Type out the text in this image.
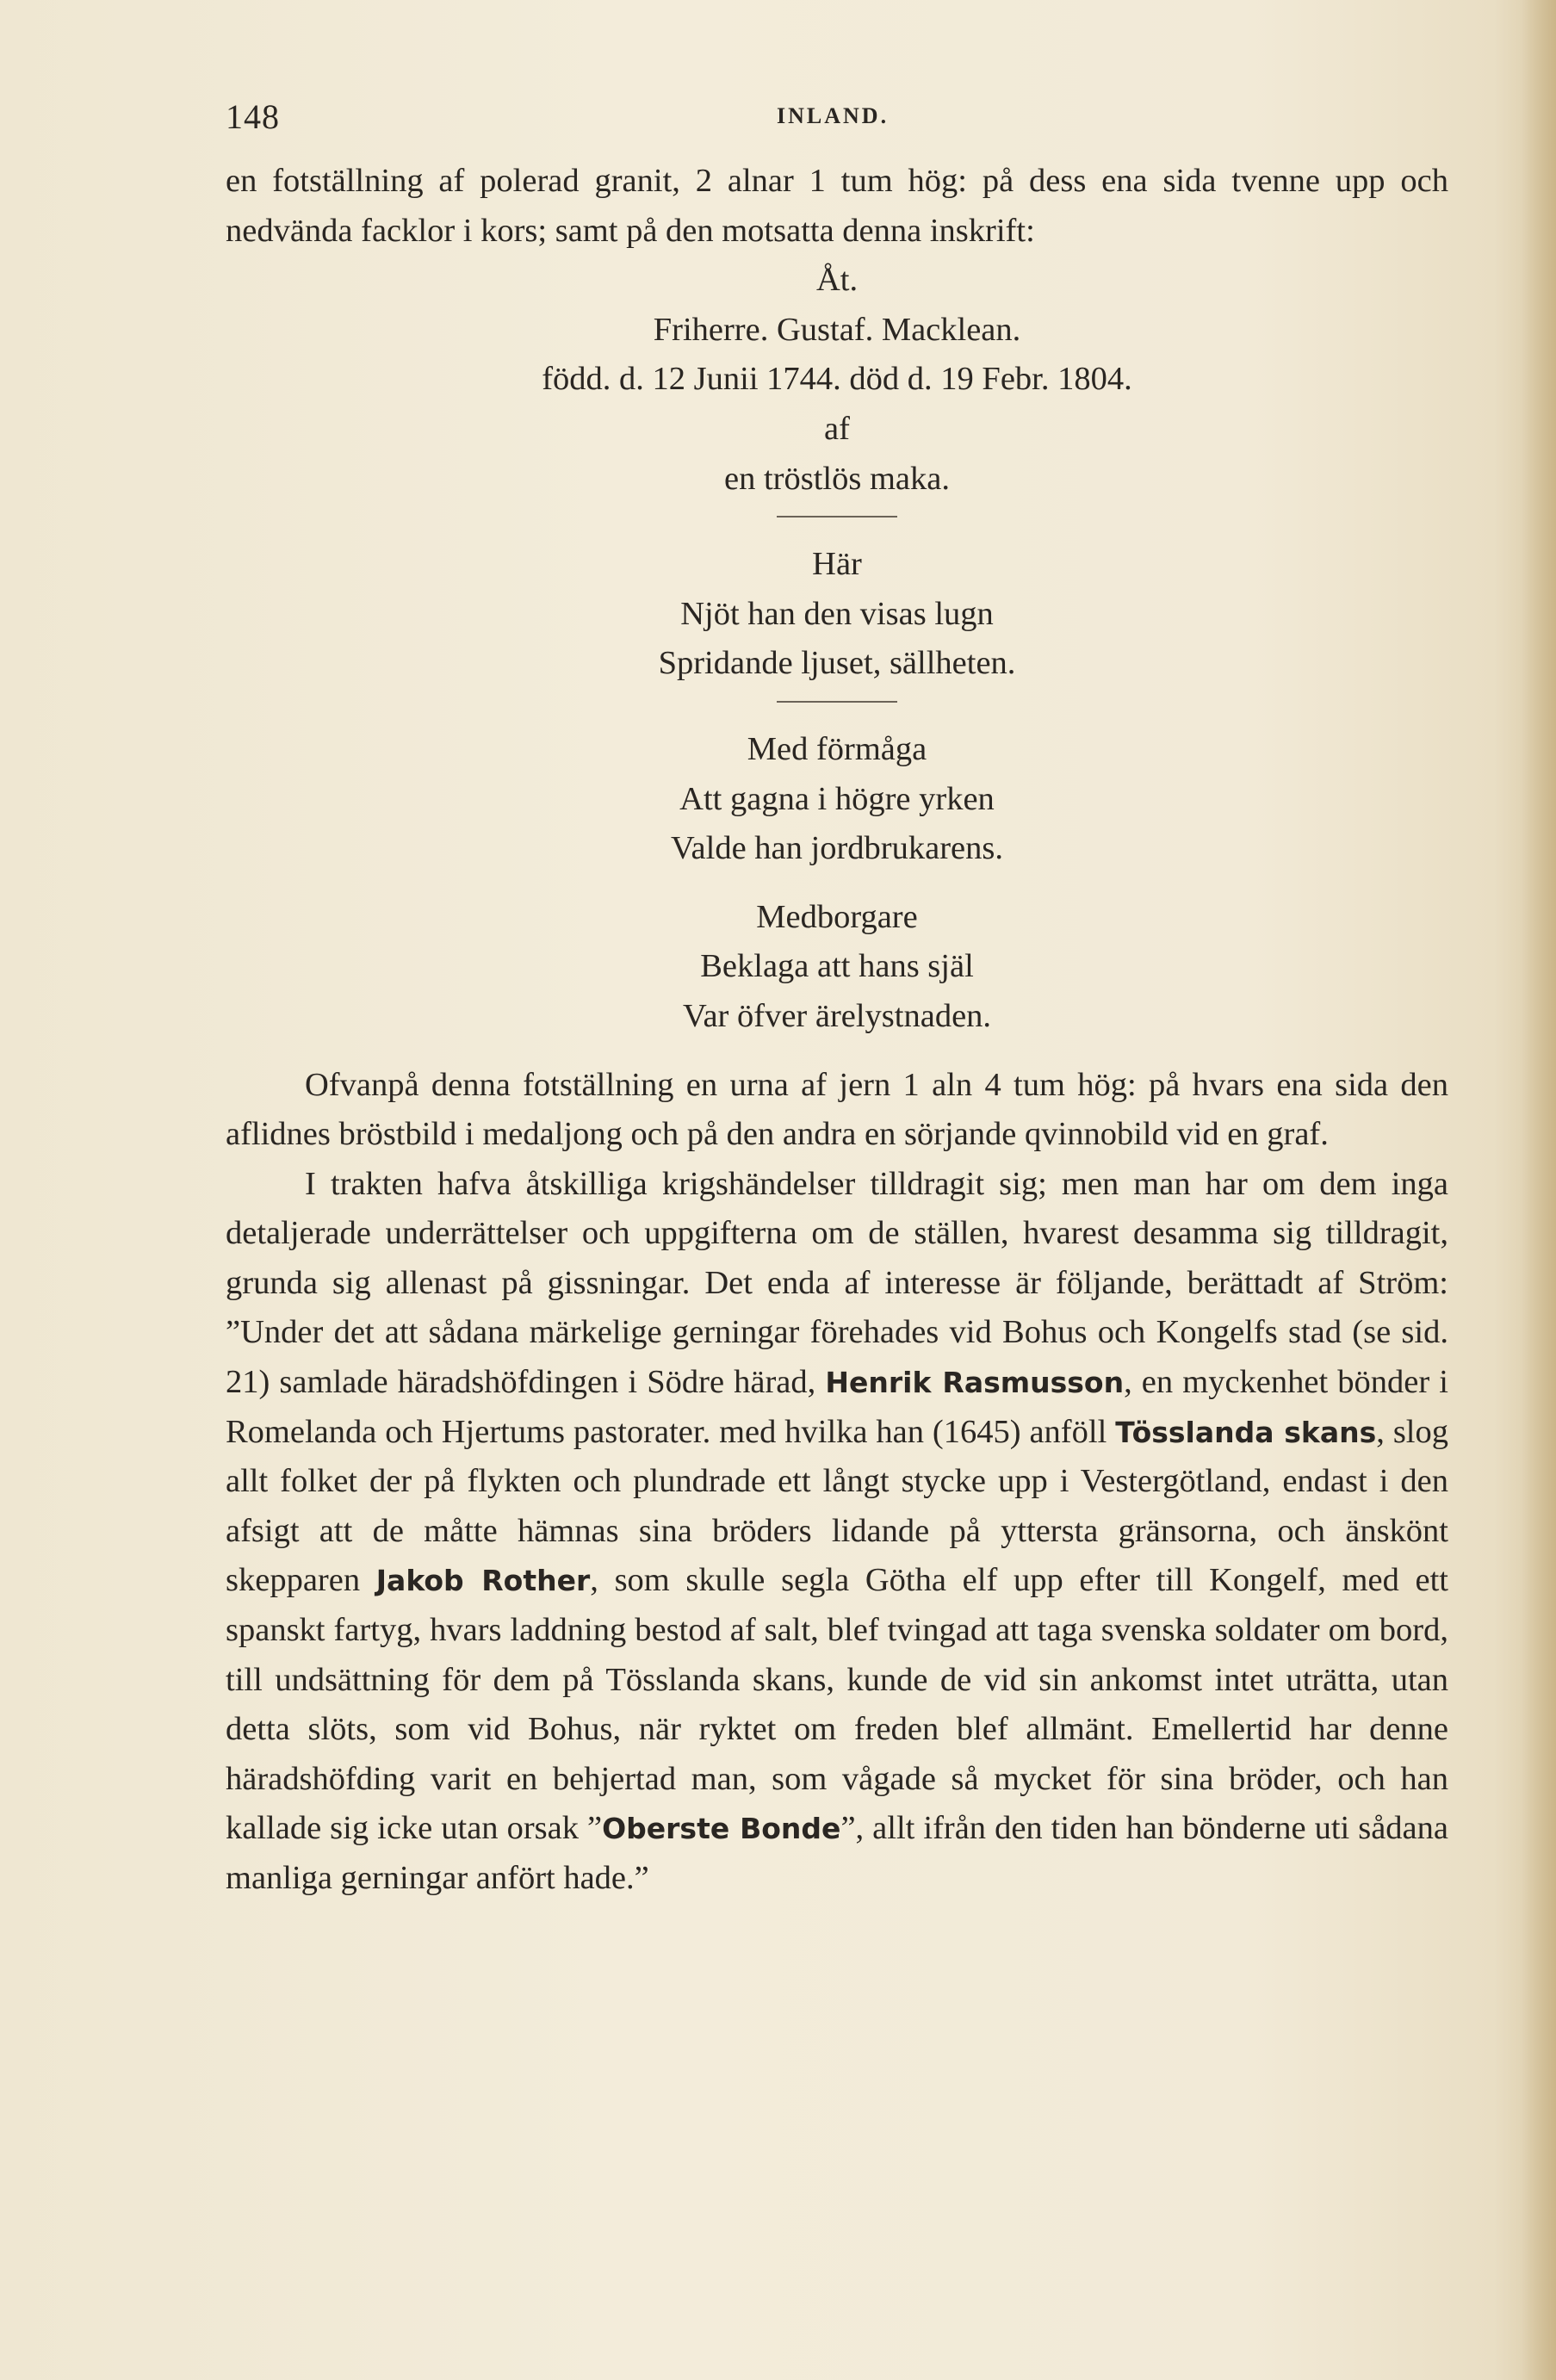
148	INLAND.

en fotställning af polerad granit, 2 alnar 1 tum hög: på dess ena sida tvenne upp och nedvända facklor i kors; samt på den motsatta denna inskrift:

Åt.
Friherre. Gustaf. Macklean.
född. d. 12 Junii 1744. död d. 19 Febr. 1804.
af
en tröstlös maka.
Här
Njöt han den visas lugn
Spridande ljuset, sällheten.
Med förmåga
Att gagna i högre yrken
Valde han jordbrukarens.
Medborgare
Beklaga att hans själ
Var öfver ärelystnaden.

Ofvanpå denna fotställning en urna af jern 1 aln 4 tum hög: på hvars ena sida den aflidnes bröstbild i medaljong och på den andra en sörjande qvinnobild vid en graf.

I trakten hafva åtskilliga krigshändelser tilldragit sig; men man har om dem inga detaljerade underrättelser och uppgifterna om de ställen, hvarest desamma sig tilldragit, grunda sig allenast på gissningar. Det enda af interesse är följande, berättadt af Ström: ”Under det att sådana märkelige gerningar förehades vid Bohus och Kongelfs stad (se sid. 21) samlade häradshöfdingen i Södre härad, Henrik Rasmusson, en myckenhet bönder i Romelanda och Hjertums pastorater. med hvilka han (1645) anföll Tösslanda skans, slog allt folket der på flykten och plundrade ett långt stycke upp i Vestergötland, endast i den afsigt att de måtte hämnas sina bröders lidande på yttersta gränsorna, och änskönt skepparen Jakob Rother, som skulle segla Götha elf upp efter till Kongelf, med ett spanskt fartyg, hvars laddning bestod af salt, blef tvingad att taga svenska soldater om bord, till undsättning för dem på Tösslanda skans, kunde de vid sin ankomst intet uträtta, utan detta slöts, som vid Bohus, när ryktet om freden blef allmänt. Emellertid har denne häradshöfding varit en behjertad man, som vågade så mycket för sina bröder, och han kallade sig icke utan orsak ”Oberste Bonde”, allt ifrån den tiden han bönderne uti sådana manliga gerningar anfört hade.”
